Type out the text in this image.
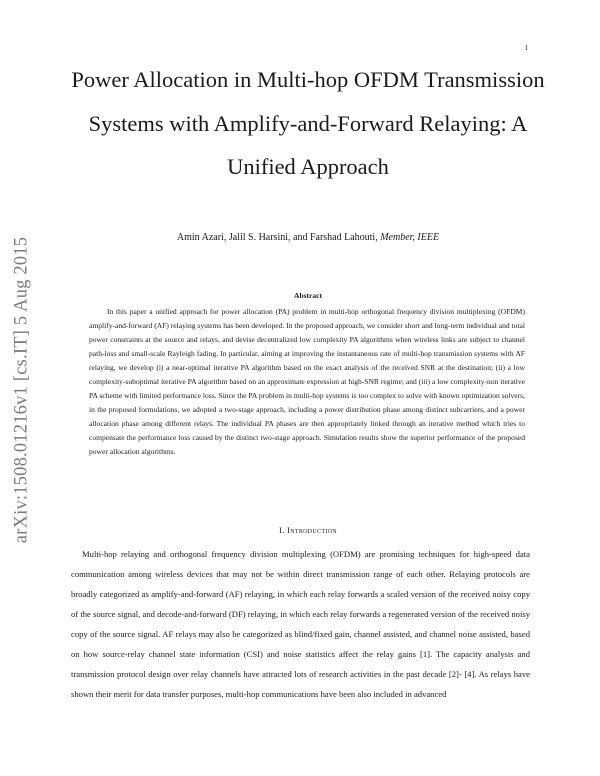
1
arXiv:1508.01216v1 [cs.IT] 5 Aug 2015
Power Allocation in Multi-hop OFDM Transmission Systems with Amplify-and-Forward Relaying: A Unified Approach
Amin Azari, Jalil S. Harsini, and Farshad Lahouti, Member, IEEE
Abstract

In this paper a unified approach for power allocation (PA) problem in multi-hop orthogonal frequency division multiplexing (OFDM) amplify-and-forward (AF) relaying systems has been developed. In the proposed approach, we consider short and long-term individual and total power constraints at the source and relays, and devise decentralized low complexity PA algorithms when wireless links are subject to channel path-loss and small-scale Rayleigh fading. In particular, aiming at improving the instantaneous rate of multi-hop transmission systems with AF relaying, we develop (i) a near-optimal iterative PA algorithm based on the exact analysis of the received SNR at the destination; (ii) a low complexity-suboptimal iterative PA algorithm based on an approximate expression at high-SNR regime; and (iii) a low complexity-non iterative PA scheme with limited performance loss. Since the PA problem in multi-hop systems is too complex to solve with known optimization solvers, in the proposed formulations, we adopted a two-stage approach, including a power distribution phase among distinct subcarriers, and a power allocation phase among different relays. The individual PA phases are then appropriately linked through an iterative method which tries to compensate the performance loss caused by the distinct two-stage approach. Simulation results show the superior performance of the proposed power allocation algorithms.

I. Introduction

Multi-hop relaying and orthogonal frequency division multiplexing (OFDM) are promising techniques for high-speed data communication among wireless devices that may not be within direct transmission range of each other. Relaying protocols are broadly categorized as amplify-and-forward (AF) relaying, in which each relay forwards a scaled version of the received noisy copy of the source signal, and decode-and-forward (DF) relaying, in which each relay forwards a regenerated version of the received noisy copy of the source signal. AF relays may also be categorized as blind/fixed gain, channel assisted, and channel noise assisted, based on how source-relay channel state information (CSI) and noise statistics affect the relay gains [1]. The capacity analysis and transmission protocol design over relay channels have attracted lots of research activities in the past decade [2]- [4]. As relays have shown their merit for data transfer purposes, multi-hop communications have been also included in advanced
